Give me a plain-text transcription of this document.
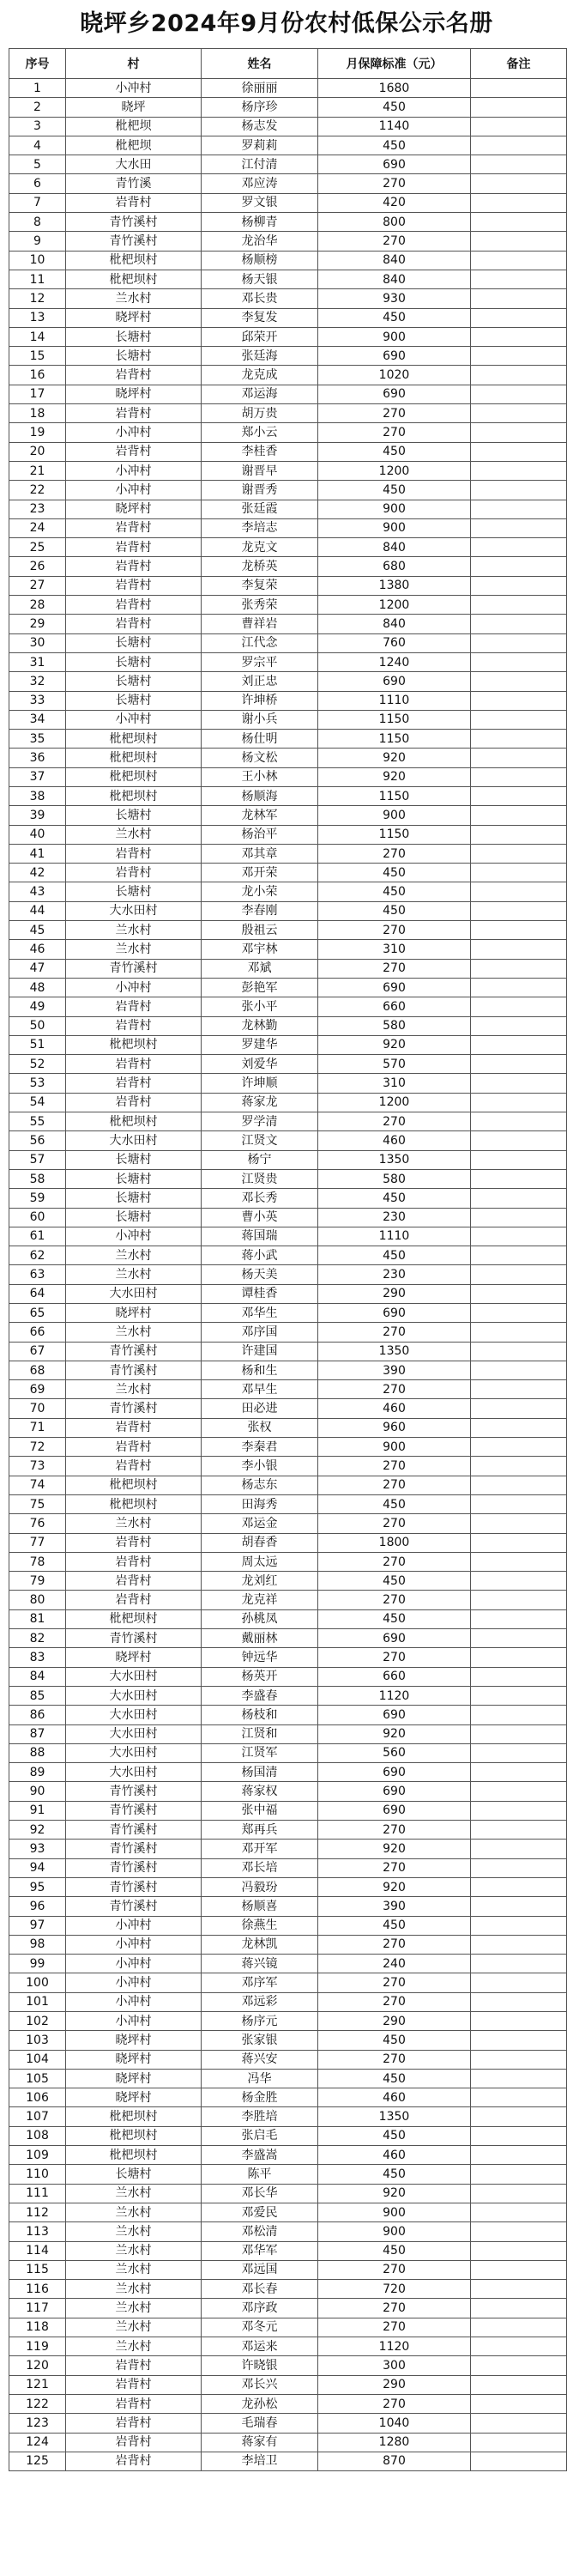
晓坪乡2024年9月份农村低保公示名册
序号	村	姓名	月保障标准（元）	备注
1	小冲村	徐丽丽	1680	
2	晓坪	杨序珍	450	
3	枇杷坝	杨志发	1140	
4	枇杷坝	罗莉莉	450	
5	大水田	江付清	690	
6	青竹溪	邓应涛	270	
7	岩背村	罗文银	420	
8	青竹溪村	杨柳青	800	
9	青竹溪村	龙治华	270	
10	枇杷坝村	杨顺榜	840	
11	枇杷坝村	杨天银	840	
12	兰水村	邓长贵	930	
13	晓坪村	李复发	450	
14	长塘村	邱荣开	900	
15	长塘村	张廷海	690	
16	岩背村	龙克成	1020	
17	晓坪村	邓运海	690	
18	岩背村	胡万贵	270	
19	小冲村	郑小云	270	
20	岩背村	李桂香	450	
21	小冲村	谢晋早	1200	
22	小冲村	谢晋秀	450	
23	晓坪村	张廷霞	900	
24	岩背村	李培志	900	
25	岩背村	龙克文	840	
26	岩背村	龙桥英	680	
27	岩背村	李复荣	1380	
28	岩背村	张秀荣	1200	
29	岩背村	曹祥岩	840	
30	长塘村	江代念	760	
31	长塘村	罗宗平	1240	
32	长塘村	刘正忠	690	
33	长塘村	许坤桥	1110	
34	小冲村	谢小兵	1150	
35	枇杷坝村	杨仕明	1150	
36	枇杷坝村	杨文松	920	
37	枇杷坝村	王小林	920	
38	枇杷坝村	杨顺海	1150	
39	长塘村	龙林军	900	
40	兰水村	杨治平	1150	
41	岩背村	邓其章	270	
42	岩背村	邓开荣	450	
43	长塘村	龙小荣	450	
44	大水田村	李春刚	450	
45	兰水村	殷祖云	270	
46	兰水村	邓宇林	310	
47	青竹溪村	邓斌	270	
48	小冲村	彭艳军	690	
49	岩背村	张小平	660	
50	岩背村	龙林勤	580	
51	枇杷坝村	罗建华	920	
52	岩背村	刘爱华	570	
53	岩背村	许坤顺	310	
54	岩背村	蒋家龙	1200	
55	枇杷坝村	罗学清	270	
56	大水田村	江贤文	460	
57	长塘村	杨宁	1350	
58	长塘村	江贤贵	580	
59	长塘村	邓长秀	450	
60	长塘村	曹小英	230	
61	小冲村	蒋国瑞	1110	
62	兰水村	蒋小武	450	
63	兰水村	杨天美	230	
64	大水田村	谭桂香	290	
65	晓坪村	邓华生	690	
66	兰水村	邓序国	270	
67	青竹溪村	许建国	1350	
68	青竹溪村	杨和生	390	
69	兰水村	邓早生	270	
70	青竹溪村	田必进	460	
71	岩背村	张权	960	
72	岩背村	李秦君	900	
73	岩背村	李小银	270	
74	枇杷坝村	杨志东	270	
75	枇杷坝村	田海秀	450	
76	兰水村	邓运金	270	
77	岩背村	胡春香	1800	
78	岩背村	周太远	270	
79	岩背村	龙刘红	450	
80	岩背村	龙克祥	270	
81	枇杷坝村	孙桃凤	450	
82	青竹溪村	戴丽林	690	
83	晓坪村	钟远华	270	
84	大水田村	杨英开	660	
85	大水田村	李盛春	1120	
86	大水田村	杨枝和	690	
87	大水田村	江贤和	920	
88	大水田村	江贤军	560	
89	大水田村	杨国清	690	
90	青竹溪村	蒋家权	690	
91	青竹溪村	张中福	690	
92	青竹溪村	郑再兵	270	
93	青竹溪村	邓开军	920	
94	青竹溪村	邓长培	270	
95	青竹溪村	冯毅玢	920	
96	青竹溪村	杨顺喜	390	
97	小冲村	徐燕生	450	
98	小冲村	龙林凯	270	
99	小冲村	蒋兴镜	240	
100	小冲村	邓序军	270	
101	小冲村	邓远彩	270	
102	小冲村	杨序元	290	
103	晓坪村	张家银	450	
104	晓坪村	蒋兴安	270	
105	晓坪村	冯华	450	
106	晓坪村	杨金胜	460	
107	枇杷坝村	李胜培	1350	
108	枇杷坝村	张启毛	450	
109	枇杷坝村	李盛嵩	460	
110	长塘村	陈平	450	
111	兰水村	邓长华	920	
112	兰水村	邓爱民	900	
113	兰水村	邓松清	900	
114	兰水村	邓华军	450	
115	兰水村	邓远国	270	
116	兰水村	邓长春	720	
117	兰水村	邓序政	270	
118	兰水村	邓冬元	270	
119	兰水村	邓运来	1120	
120	岩背村	许晓银	300	
121	岩背村	邓长兴	290	
122	岩背村	龙孙松	270	
123	岩背村	毛瑞春	1040	
124	岩背村	蒋家有	1280	
125	岩背村	李培卫	870	
